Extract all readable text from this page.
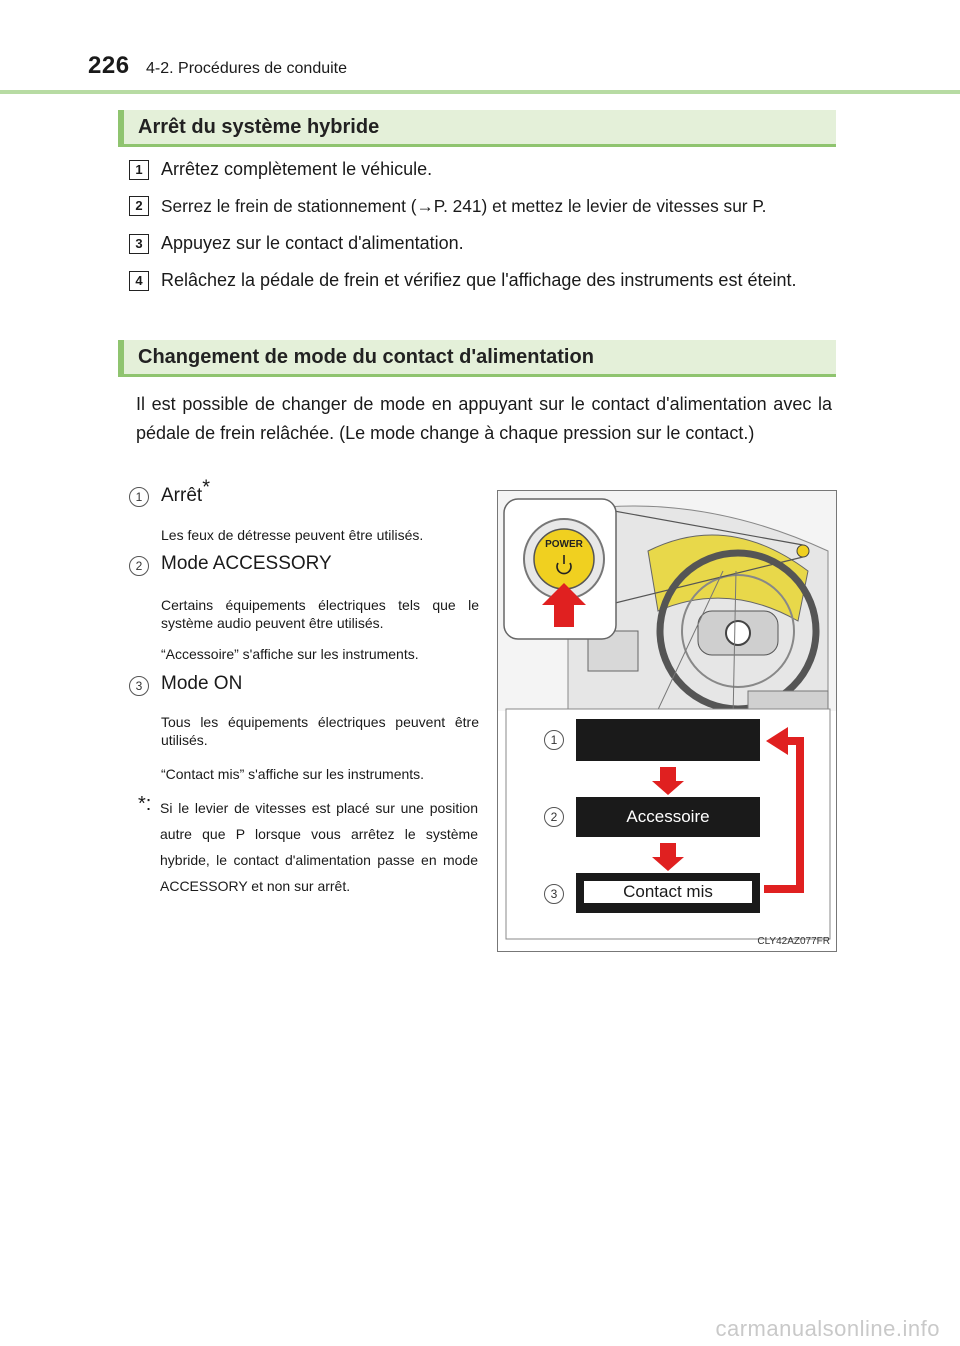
226 4-2. Procédures de conduite
Arrêt du système hybride
1	Arrêtez complètement le véhicule.
2	Serrez le frein de stationnement (→P. 241) et mettez le levier de vitesses sur P.
3	Appuyez sur le contact d'alimentation.
4	Relâchez la pédale de frein et vérifiez que l'affichage des instruments est éteint.
Changement de mode du contact d'alimentation
Il est possible de changer de mode en appuyant sur le contact d'alimentation avec la pédale de frein relâchée. (Le mode change à chaque pression sur le contact.)
1 Arrêt*
Les feux de détresse peuvent être utilisés.
2 Mode ACCESSORY
Certains équipements électriques tels que le système audio peuvent être utilisés.
“Accessoire” s'affiche sur les instruments.
3 Mode ON
Tous les équipements électriques peuvent être utilisés.
“Contact mis” s'affiche sur les instruments.
*: Si le levier de vitesses est placé sur une position autre que P lorsque vous arrêtez le système hybride, le contact d'alimentation passe en mode ACCESSORY et non sur arrêt.
1
2
3
Accessoire
Contact mis
POWER
CLY42AZ077FR
carmanualsonline.info
